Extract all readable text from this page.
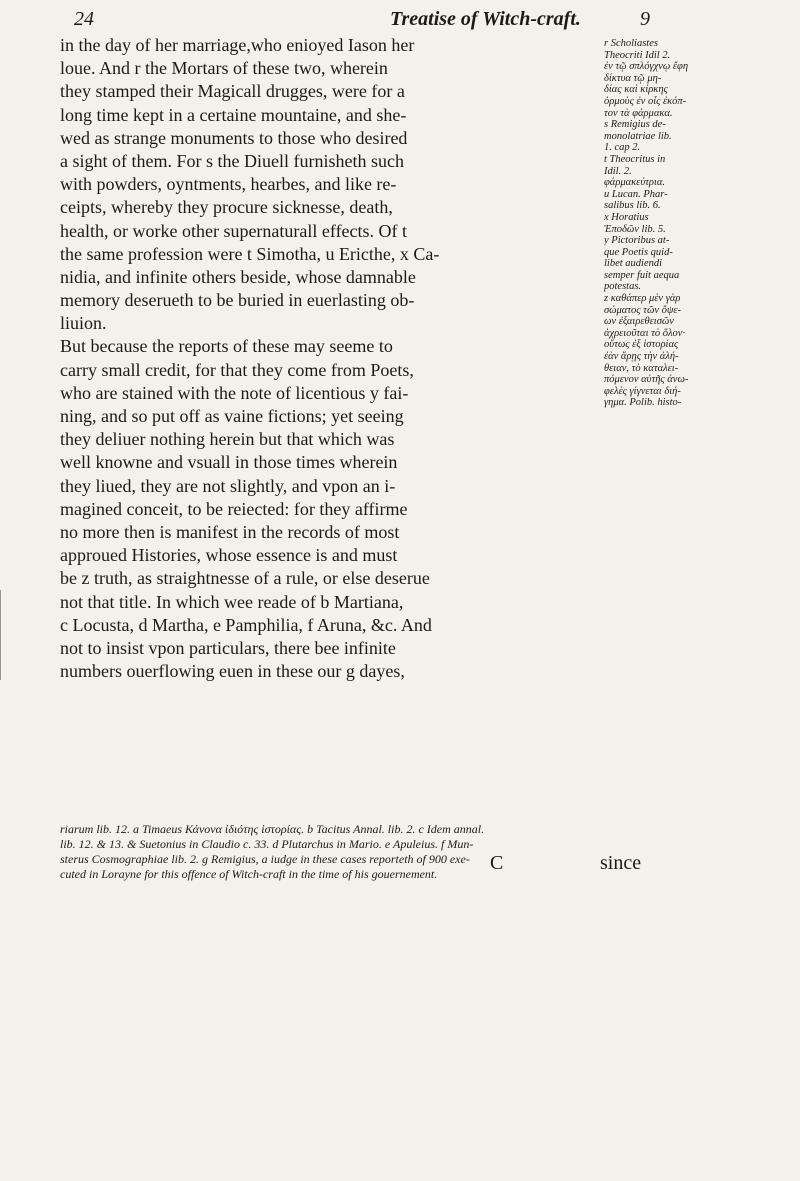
24	Treatise of Witch-craft.	9
in the day of her marriage,who enioyed Iason her
loue. And r the Mortars of these two, wherein
they stamped their Magicall drugges, were for a
long time kept in a certaine mountaine, and she-
wed as strange monuments to those who desired
a sight of them. For s the Diuell furnisheth such
with powders, oyntments, hearbes, and like re-
ceipts, whereby they procure sicknesse, death,
health, or worke other supernaturall effects. Of t
the same profession were t Simotha, u Ericthe, x Ca-
nidia, and infinite others beside, whose damnable
memory deserueth to be buried in euerlasting ob-
liuion.
But because the reports of these may seeme to
carry small credit, for that they come from Poets,
who are stained with the note of licentious y fai-
ning, and so put off as vaine fictions; yet seeing
they deliuer nothing herein but that which was
well knowne and vsuall in those times wherein
they liued, they are not slightly, and vpon an i-
magined conceit, to be reiected: for they affirme
no more then is manifest in the records of most
approued Histories, whose essence is and must
be z truth, as straightnesse of a rule, or else deserue
not that title. In which wee reade of b Martiana,
c Locusta, d Martha, e Pamphilia, f Aruna, &c. And
not to insist vpon particulars, there bee infinite
numbers ouerflowing euen in these our g dayes,
r Scholiastes
Theocriti Idil 2.
ἐν τῷ σπλόγχνῳ ἔφη
δίκτυα τῷ μη-
δίας καὶ κίρκης
ὀρμοὺς ἐν οἷς ἐκόπ-
τον τὰ φάρμακα.
s Remigius de-
monolatriae lib.
1. cap 2.
t Theocritus in
Idil. 2.
φάρμακεύτρια.
u Lucan. Phar-
salibus lib. 6.
x Horatius
Ἐποδῶν lib. 5.
y Pictoribus at-
que Poetis quid-
libet audiendi
semper fuit aequa
potestas.
z καθάπερ μὲν γὰρ
σώματος τῶν ὄψε-
ων ἐξαιρεθεισῶν
ἀχρειοῦται τὸ ὅλον·
οὕτως ἐξ ἱστορίας
ἐὰν ἄρῃς τὴν ἀλή-
θειαν, τὸ καταλει-
πόμενον αὐτῆς ἀνω-
φελὲς γίγνεται διή-
γημα. Polib. histo-
riarum lib. 12. a Timaeus Κάνονα ἰδιότης ἱστορίας. b Tacitus Annal. lib. 2. c Idem annal.
lib. 12. & 13. & Suetonius in Claudio c. 33. d Plutarchus in Mario. e Apuleius. f Mun-
sterus Cosmographiae lib. 2. g Remigius, a iudge in these cases reporteth of 900 exe-
cuted in Lorayne for this offence of Witch-craft in the time of his gouernement.	C	since
